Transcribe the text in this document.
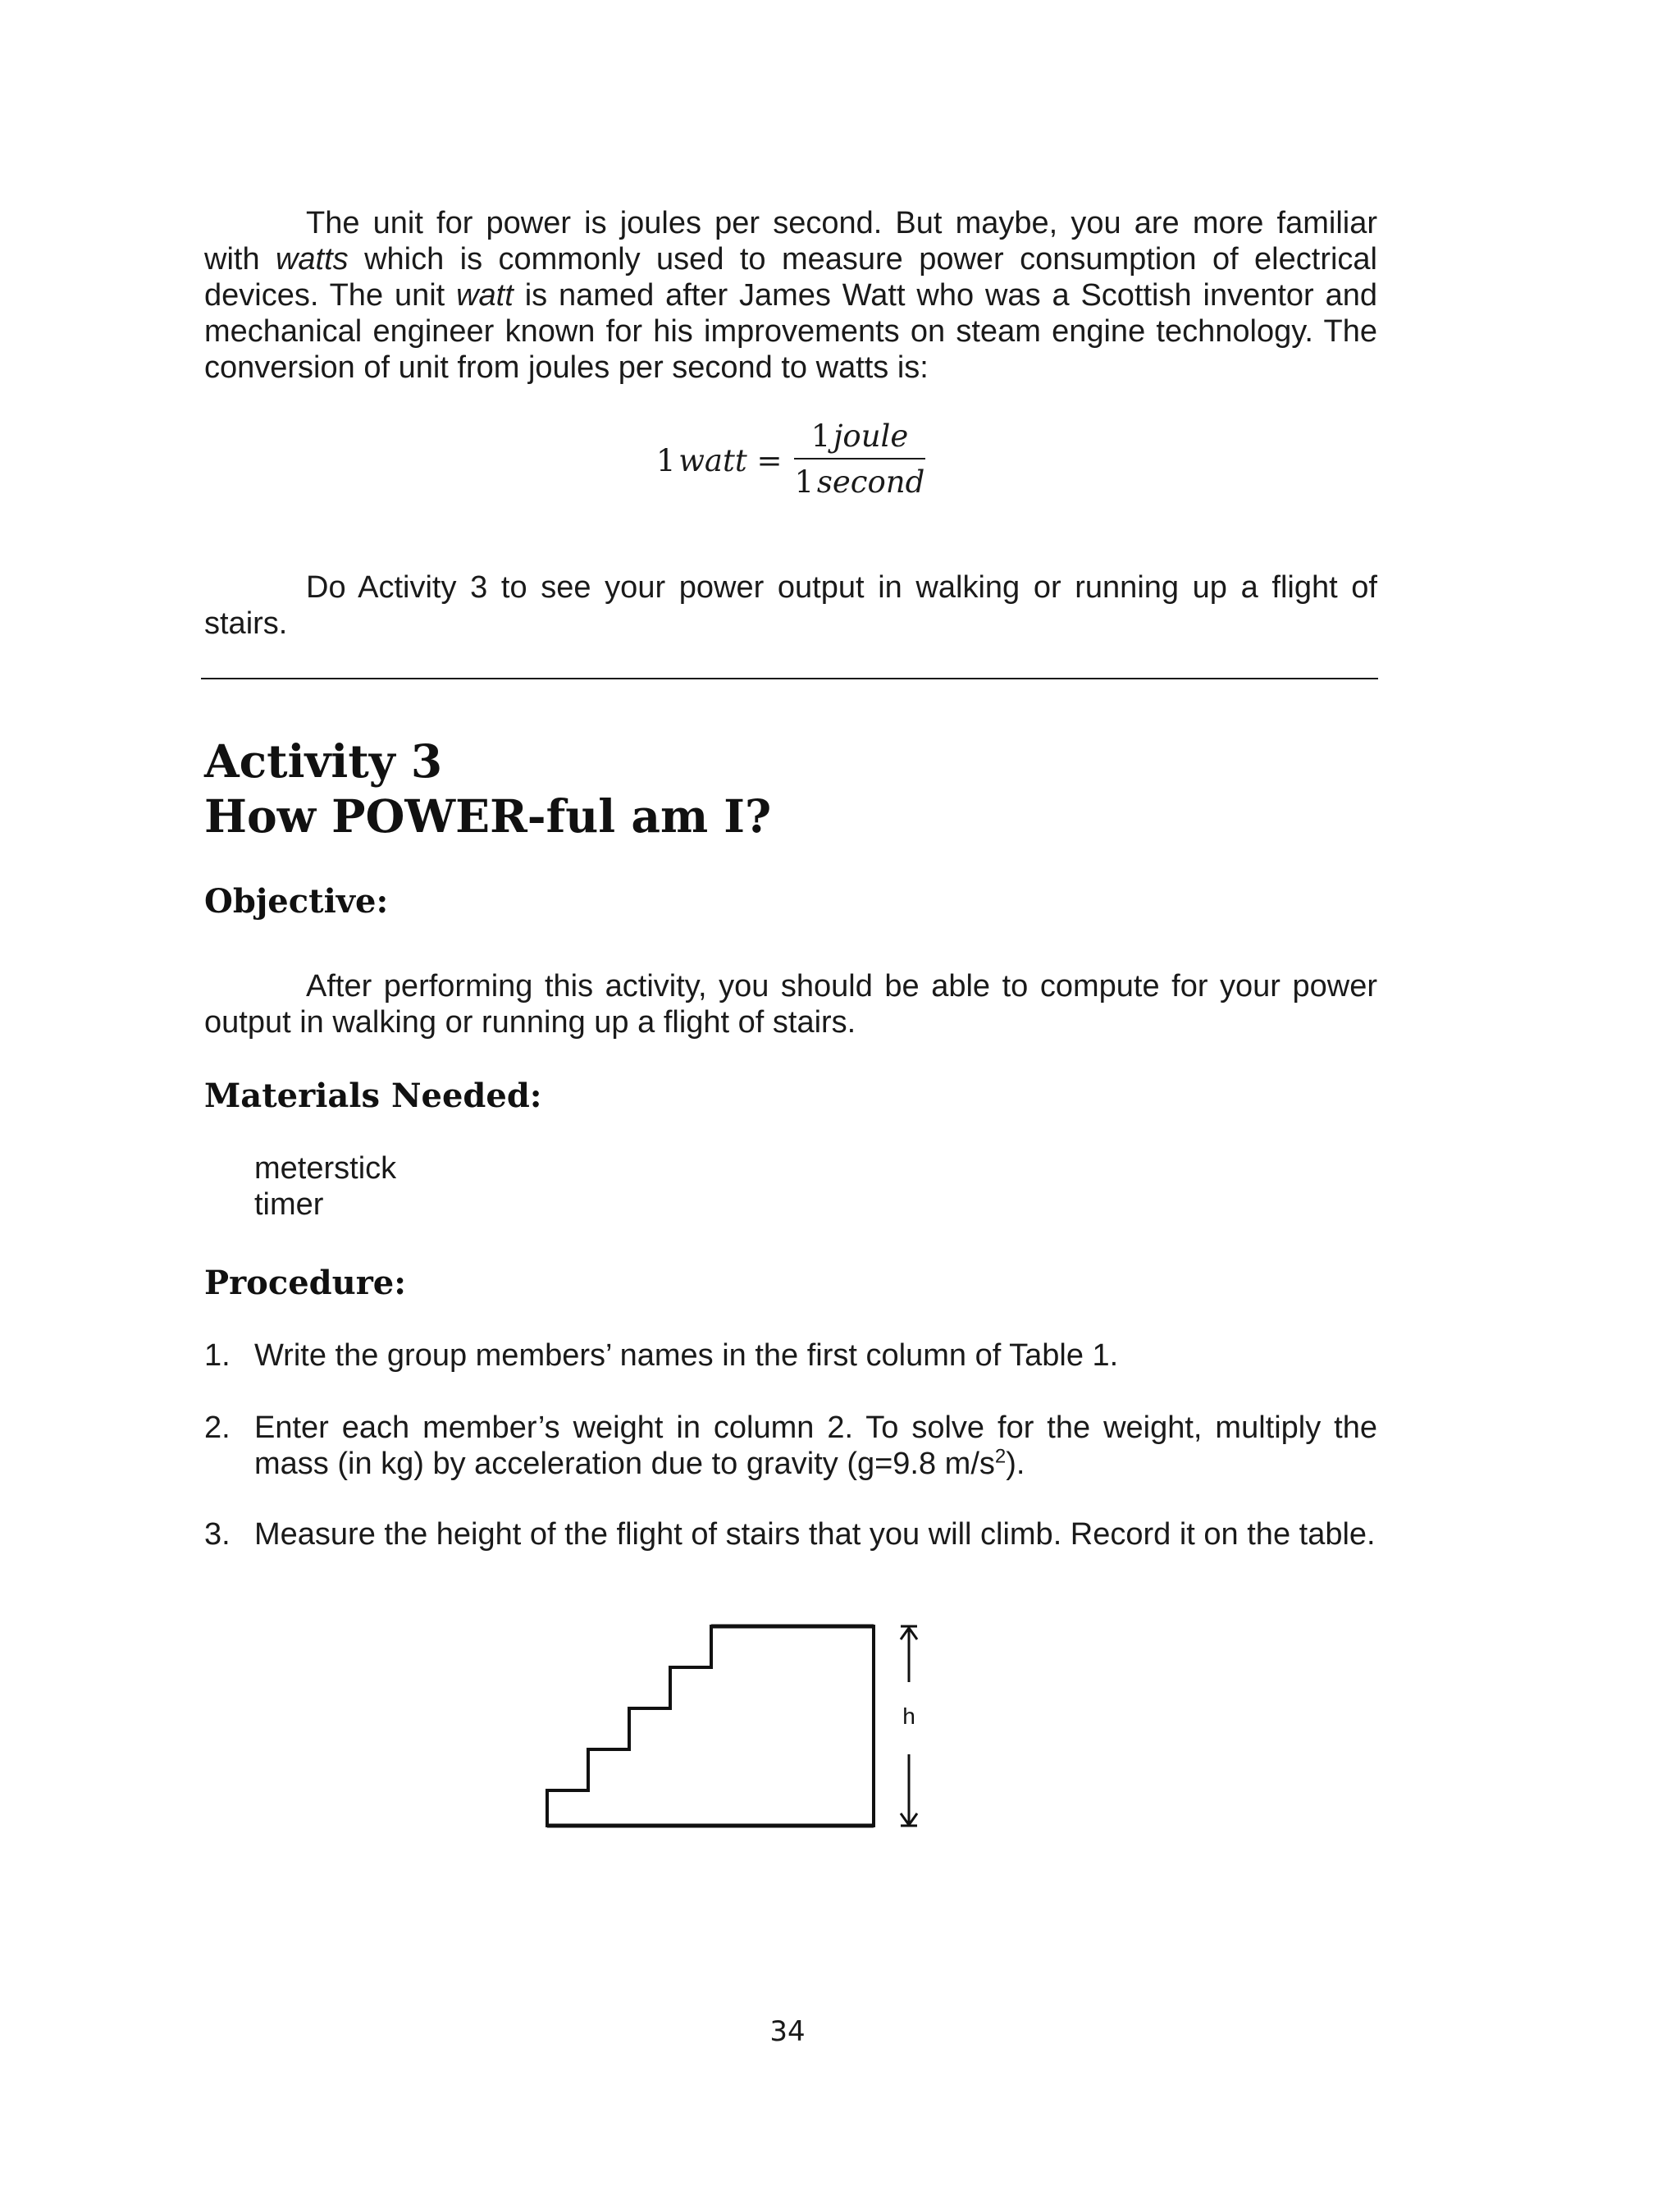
The unit for power is joules per second. But maybe, you are more familiar with watts which is commonly used to measure power consumption of electrical devices. The unit watt is named after James Watt who was a Scottish inventor and mechanical engineer known for his improvements on steam engine technology. The conversion of unit from joules per second to watts is:

1 watt =
1 joule
1 second

Do Activity 3 to see your power output in walking or running up a flight of stairs.

Activity 3
How POWER-ful am I?
Objective:

After performing this activity, you should be able to compute for your power output in walking or running up a flight of stairs.

Materials Needed:
meterstick
timer
Procedure:
1. Write the group members’ names in the first column of Table 1.
2. Enter each member’s weight in column 2. To solve for the weight, multiply the mass (in kg) by acceleration due to gravity (g=9.8 $m/s^2$).
3. Measure the height of the flight of stairs that you will climb. Record it on the table.
h
34
